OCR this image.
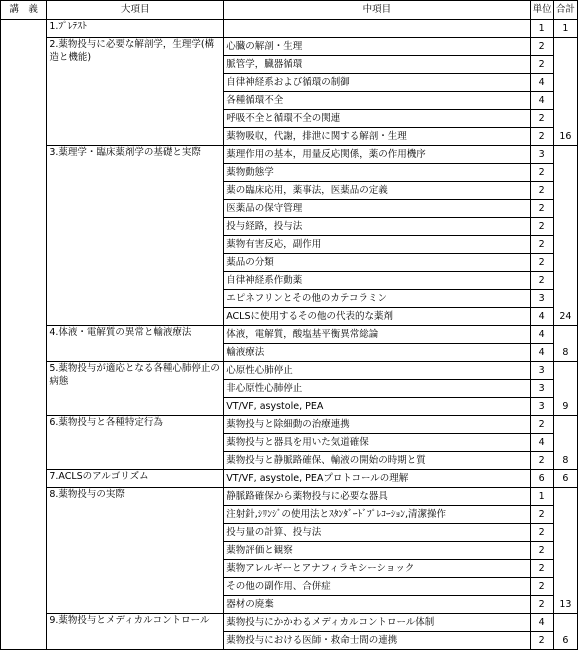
講　義	大項目	中項目	単位	合計
	1.ﾌﾟﾚﾃｽﾄ		1	1
	2.薬物投与に必要な解剖学，生理学(構造と機能)	心臓の解剖・生理	2	16
		脈管学，臓器循環	2	
		自律神経系および循環の制御	4	
		各種循環不全	4	
		呼吸不全と循環不全の関連	2	
		薬物吸収，代謝，排泄に関する解剖・生理	2	
	3.薬理学・臨床薬剤学の基礎と実際	薬理作用の基本，用量反応関係，薬の作用機序	3	24
		薬物動態学	2	
		薬の臨床応用，薬事法，医薬品の定義	2	
		医薬品の保守管理	2	
		投与経路，投与法	2	
		薬物有害反応，副作用	2	
		薬品の分類	2	
		自律神経系作動薬	2	
		エピネフリンとその他のカテコラミン	3	
		ACLSに使用するその他の代表的な薬剤	4	
	4.体液・電解質の異常と輸液療法	体液，電解質，酸塩基平衡異常総論	4	8
		輸液療法	4	
	5.薬物投与が適応となる各種心肺停止の病態	心原性心肺停止	3	9
		非心原性心肺停止	3	
		VT/VF, asystole, PEA	3	
	6.薬物投与と各種特定行為	薬物投与と除細動の治療連携	2	8
		薬物投与と器具を用いた気道確保	4	
		薬物投与と静脈路確保、輸液の開始の時期と質	2	
	7.ACLSのアルゴリズム	VT/VF, asystole, PEAプロトコールの理解	6	6
	8.薬物投与の実際	静脈路確保から薬物投与に必要な器具	1	13
		注射針,ｼﾘﾝｼﾞの使用法とｽﾀﾝﾀﾞｰﾄﾞﾌﾟﾚｺｰｼｮﾝ,清潔操作	2	
		投与量の計算、投与法	2	
		薬物評価と観察	2	
		薬物アレルギーとアナフィラキシーショック	2	
		その他の副作用、合併症	2	
		器材の廃棄	2	
	9.薬物投与とメディカルコントロール	薬物投与にかかわるメディカルコントロール体制	4	6
		薬物投与における医師・救命士間の連携	2	
